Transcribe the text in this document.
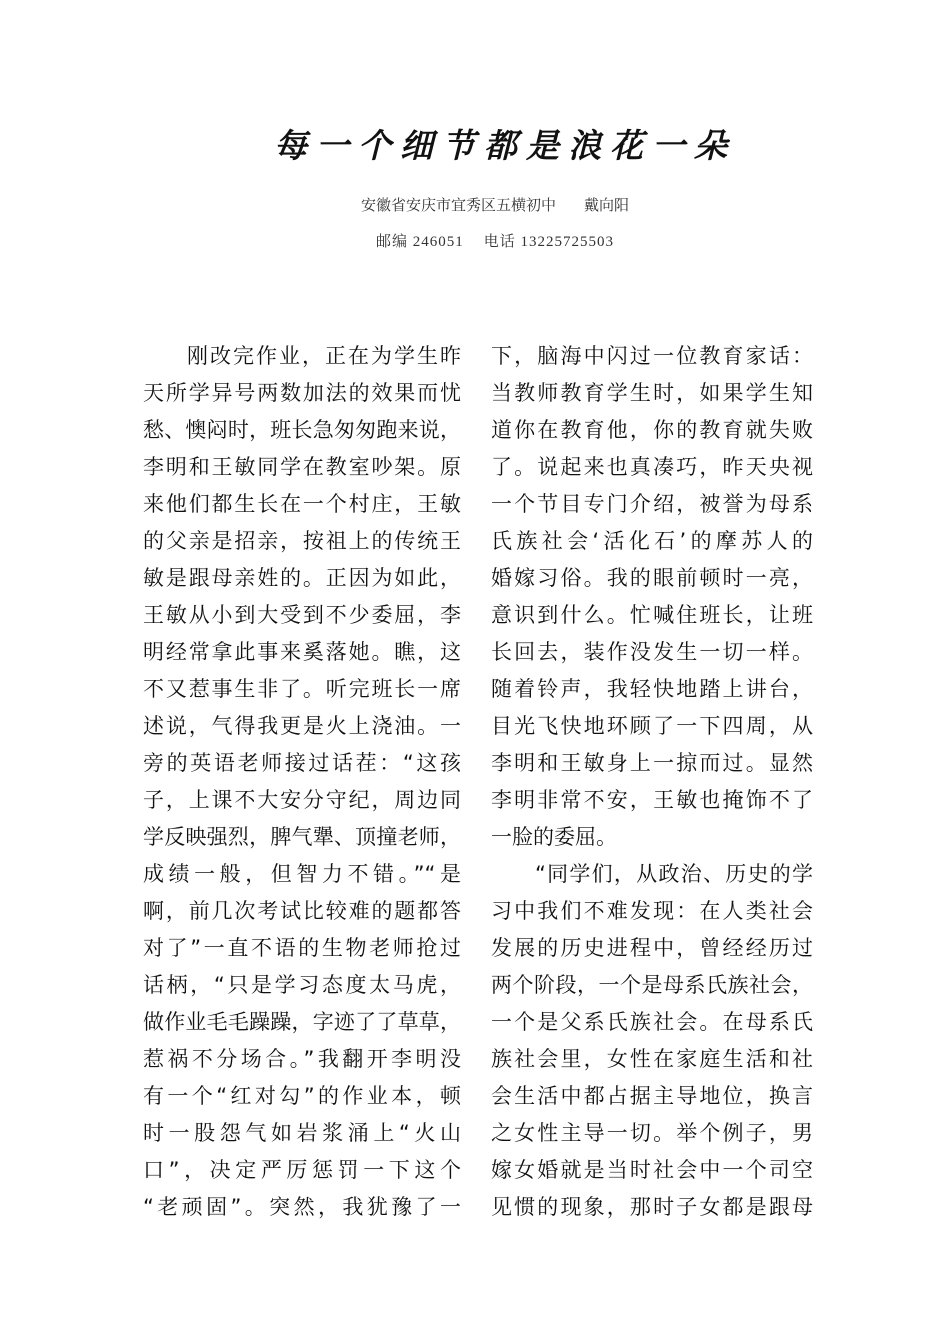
每一个细节都是浪花一朵
安徽省安庆市宜秀区五横初中 戴向阳
邮编 246051 电话 13225725503

刚改完作业，正在为学生昨
天所学异号两数加法的效果而忧
愁、懊闷时，班长急匆匆跑来说，
李明和王敏同学在教室吵架。原
来他们都生长在一个村庄，王敏
的父亲是招亲，按祖上的传统王
敏是跟母亲姓的。正因为如此，
王敏从小到大受到不少委屈，李
明经常拿此事来奚落她。瞧，这
不又惹事生非了。听完班长一席
述说，气得我更是火上浇油。一
旁的英语老师接过话茬：“这孩
子，上课不大安分守纪，周边同
学反映强烈，脾气犟、顶撞老师，
成绩一般，但智力不错。”“是
啊，前几次考试比较难的题都答
对了”一直不语的生物老师抢过
话柄，“只是学习态度太马虎，
做作业毛毛躁躁，字迹了了草草，
惹祸不分场合。”我翻开李明没
有一个“红对勾”的作业本，顿
时一股怨气如岩浆涌上“火山
口”，决定严厉惩罚一下这个
“老顽固”。突然，我犹豫了一

下，脑海中闪过一位教育家话：
当教师教育学生时，如果学生知
道你在教育他，你的教育就失败
了。说起来也真凑巧，昨天央视
一个节目专门介绍，被誉为母系
氏族社会‘活化石’的摩苏人的
婚嫁习俗。我的眼前顿时一亮，
意识到什么。忙喊住班长，让班
长回去，装作没发生一切一样。
随着铃声，我轻快地踏上讲台，
目光飞快地环顾了一下四周，从
李明和王敏身上一掠而过。显然
李明非常不安，王敏也掩饰不了
一脸的委屈。

“同学们，从政治、历史的学
习中我们不难发现：在人类社会
发展的历史进程中，曾经经历过
两个阶段，一个是母系氏族社会，
一个是父系氏族社会。在母系氏
族社会里，女性在家庭生活和社
会生活中都占据主导地位，换言
之女性主导一切。举个例子，男
嫁女婚就是当时社会中一个司空
见惯的现象，那时子女都是跟母
